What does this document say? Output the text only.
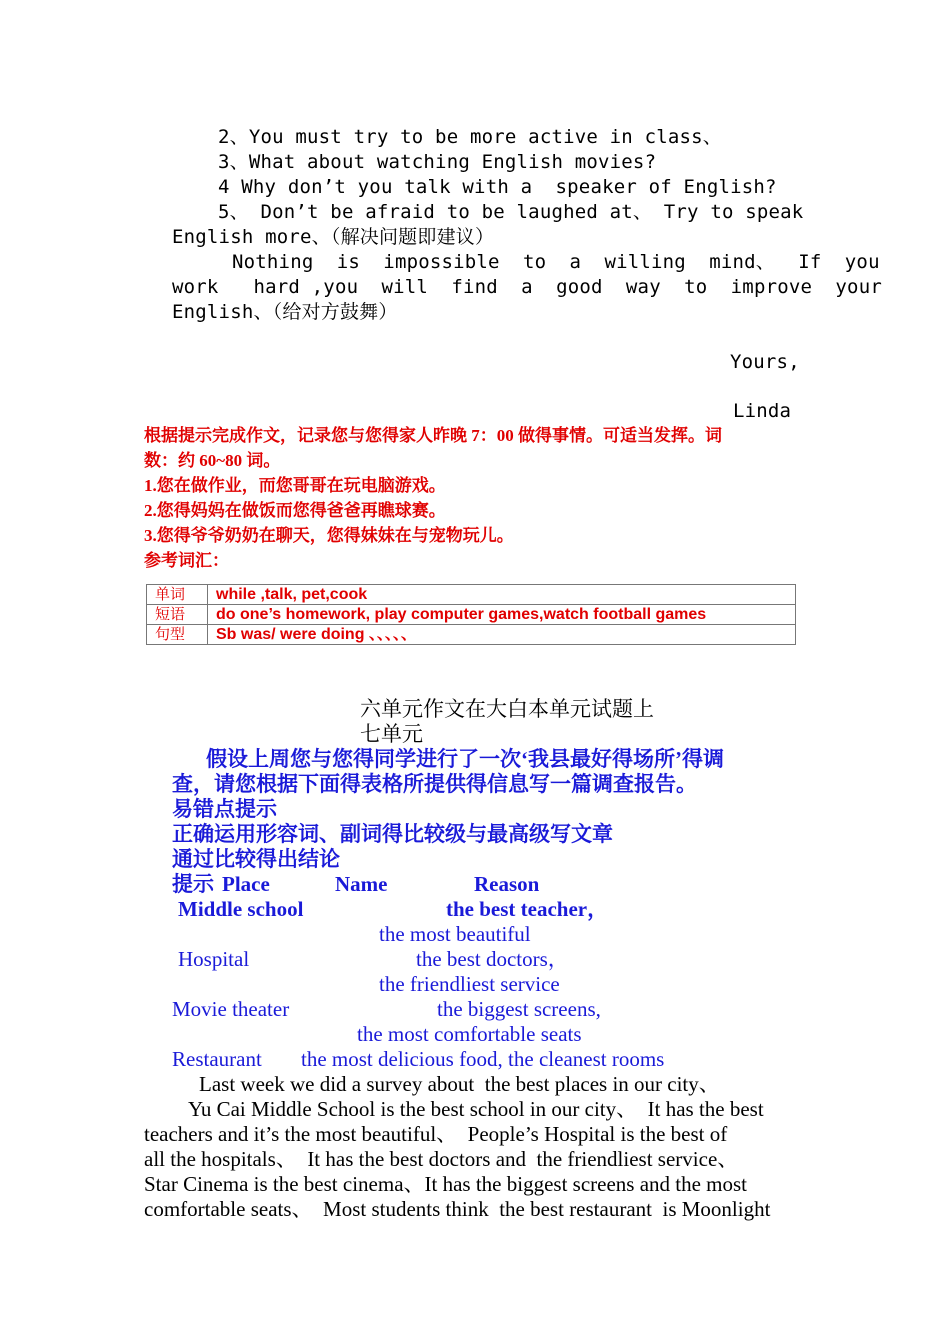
2、You must try to be more active in class、
3、What about watching English movies?
4 Why don’t you talk with a  speaker of English?
5、 Don’t be afraid to be laughed at、 Try to speak
English more、（解决问题即建议）
Nothing  is  impossible  to  a  willing  mind、  If  you
work   hard ,you  will  find  a  good  way  to  improve  your
English、（给对方鼓舞）
Yours,
Linda
根据提示完成作文，记录您与您得家人昨晚 7：00 做得事情。可适当发挥。词
数：约 60~80 词。
1.您在做作业，而您哥哥在玩电脑游戏。
2.您得妈妈在做饭而您得爸爸再瞧球赛。
3.您得爷爷奶奶在聊天，您得妹妹在与宠物玩儿。
参考词汇：
单词	while ,talk, pet,cook
短语	do one’s homework, play computer games,watch football games
句型	Sb was/ were doing 、、、、、
六单元作文在大白本单元试题上
七单元
假设上周您与您得同学进行了一次‘我县最好得场所’得调
查，请您根据下面得表格所提供得信息写一篇调查报告。
易错点提示
正确运用形容词、副词得比较级与最高级写文章
通过比较得出结论
提示 Place	Name	Reason
Middle school	the best teacher，
the most beautiful
Hospital	the best doctors，
the friendliest service
Movie theater	the biggest screens,
the most comfortable seats
Restaurant the most delicious food, the cleanest rooms
Last week we did a survey about  the best places in our city、
Yu Cai Middle School is the best school in our city、  It has the best
teachers and it’s the most beautiful、  People’s Hospital is the best of
all the hospitals、  It has the best doctors and  the friendliest service、
Star Cinema is the best cinema、It has the biggest screens and the most
comfortable seats、  Most students think  the best restaurant  is Moonlight
